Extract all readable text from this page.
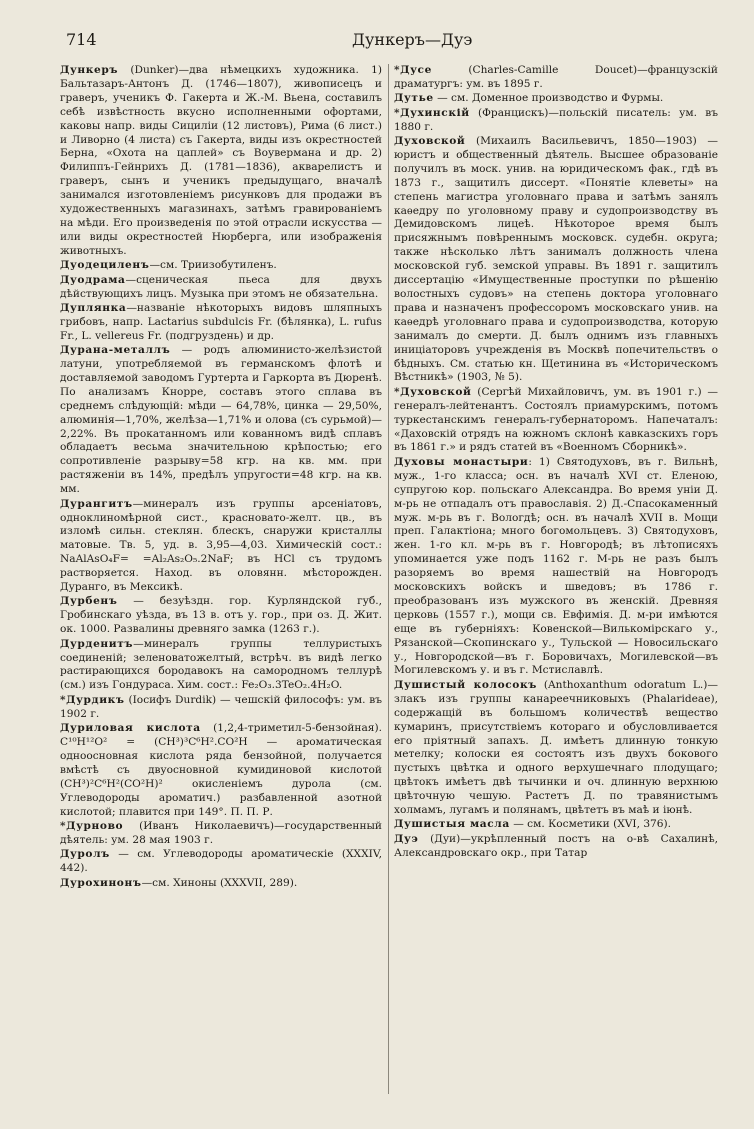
714	Дункеръ—Дуэ

Дункеръ (Dunker)—два нѣмецкихъ художника. 1) Бальтазаръ-Антонъ Д. (1746—1807), живописецъ и граверъ, ученикъ Ф. Гакерта и Ж.-М. Вьена, составилъ себѣ извѣстность вкусно исполненными офортами, каковы напр. виды Сициліи (12 листовъ), Рима (6 лист.) и Ливорно (4 листа) съ Гакерта, виды изъ окрестностей Берна, «Охота на цаплей» съ Воувермана и др. 2) Филиппъ-Гейнрихъ Д. (1781—1836), акварелистъ и граверъ, сынъ и ученикъ предыдущаго, вначалѣ занимался изготовленіемъ рисунковъ для продажи въ художественныхъ магазинахъ, затѣмъ гравированіемъ на мѣди. Его произведенія по этой отрасли искусства — или виды окрестностей Нюрберга, или изображенія животныхъ.

Дуодециленъ—см. Триизобутиленъ.

Дуодрама—сценическая пьеса для двухъ дѣйствующихъ лицъ. Музыка при этомъ не обязательна.

Дуплянка—названіе нѣкоторыхъ видовъ шляпныхъ грибовъ, напр. Lactarius subdulcis Fr. (бѣлянка), L. rufus Fr., L. vellereus Fr. (подгруздень) и др.

Дурана-металлъ — родъ алюминисто-желѣзистой латуни, употребляемой въ германскомъ флотѣ и доставляемой заводомъ Гуртерта и Гаркорта въ Дюренѣ. По анализамъ Кнорре, составъ этого сплава въ среднемъ слѣдующій: мѣди — 64,78%, цинка — 29,50%, алюминія—1,70%, желѣза—1,71% и олова (съ сурьмой)—2,22%. Въ прокатанномъ или кованномъ видѣ сплавъ обладаетъ весьма значительною крѣпостью; его сопротивленіе разрыву=58 кгр. на кв. мм. при растяженіи въ 14%, предѣлъ упругости=48 кгр. на кв. мм.

Дурангитъ—минералъ изъ группы арсеніатовъ, одноклиномѣрной сист., красновато-желт. цв., въ изломѣ сильн. стеклян. блескъ, снаружи кристаллы матовые. Тв. 5, уд. в. 3,95—4,03. Химическій сост.: NaAlAsO₄F= =Al₂As₂O₅.2NaF; въ HCl съ трудомъ растворяется. Наход. въ оловянн. мѣсторожден. Дуранго, въ Мексикѣ.

Дурбенъ — безуѣздн. гор. Курляндской губ., Гробинскаго уѣзда, въ 13 в. отъ у. гор., при оз. Д. Жит. ок. 1000. Развалины древняго замка (1263 г.).

Дурденитъ—минералъ группы теллуристыхъ соединеній; зеленоватожелтый, встрѣч. въ видѣ легко растирающихся бородавокъ на самородномъ теллурѣ (см.) изъ Гондураса. Хим. сост.: Fe₂O₃.3TeO₂.4H₂O.

*Дурдикъ (Іосифъ Durdik) — чешскій философъ: ум. въ 1902 г.

Дуриловая кислота (1,2,4-триметил-5-бензойная). C¹⁰H¹²O² = (CH³)³C⁶H².CO²H — ароматическая одноосновная кислота ряда бензойной, получается вмѣстѣ съ двуосновной кумидиновой кислотой (CH³)²C⁶H²(CO²H)² окисленіемъ дурола (см. Углеводороды ароматич.) разбавленной азотной кислотой; плавится при 149°. П. П. Р.

*Дурново (Иванъ Николаевичъ)—государственный дѣятель: ум. 28 мая 1903 г.

Дуролъ — см. Углеводороды ароматическіе (XXXIV, 442).

Дурохинонъ—см. Хиноны (XXXVII, 289).

*Дусе (Charles-Camille Doucet)—французскій драматургъ: ум. въ 1895 г.

Дутье — см. Доменное производство и Фурмы.

*Духинскій (Францискъ)—польскій писатель: ум. въ 1880 г.

Духовской (Михаилъ Васильевичъ, 1850—1903) — юристъ и общественный дѣятель. Высшее образованіе получилъ въ моск. унив. на юридическомъ фак., гдѣ въ 1873 г., защитилъ диссерт. «Понятіе клеветы» на степень магистра уголовнаго права и затѣмъ занялъ каѳедру по уголовному праву и судопроизводству въ Демидовскомъ лицеѣ. Нѣкоторое время былъ присяжнымъ повѣреннымъ московск. судебн. округа; также нѣсколько лѣтъ занималъ должность члена московской губ. земской управы. Въ 1891 г. защитилъ диссертацію «Имущественные проступки по рѣшенію волостныхъ судовъ» на степень доктора уголовнаго права и назначенъ профессоромъ московскаго унив. на каѳедрѣ уголовнаго права и судопроизводства, которую занималъ до смерти. Д. былъ однимъ изъ главныхъ иниціаторовъ учрежденія въ Москвѣ попечительствъ о бѣдныхъ. См. статью кн. Щетинина въ «Историческомъ Вѣстникѣ» (1903, № 5).

*Духовской (Сергѣй Михайловичъ, ум. въ 1901 г.) — генералъ-лейтенантъ. Состоялъ приамурскимъ, потомъ туркестанскимъ генералъ-губернаторомъ. Напечаталъ: «Даховскій отрядъ на южномъ склонѣ кавказскихъ горъ въ 1861 г.» и рядъ статей въ «Военномъ Сборникѣ».

Духовы монастыри: 1) Святодуховъ, въ г. Вильнѣ, муж., 1-го класса; осн. въ началѣ XVI ст. Еленою, супругою кор. польскаго Александра. Во время уніи Д. м-рь не отпадалъ отъ православія. 2) Д.-Спасокаменный муж. м-рь въ г. Вологдѣ; осн. въ началѣ XVII в. Мощи преп. Галактіона; много богомольцевъ. 3) Святодуховъ, жен. 1-го кл. м-рь въ г. Новгородѣ; въ лѣтописяхъ упоминается уже подъ 1162 г. М-рь не разъ былъ разоряемъ во время нашествій на Новгородъ московскихъ войскъ и шведовъ; въ 1786 г. преобразованъ изъ мужского въ женскій. Древняя церковь (1557 г.), мощи св. Евфимія. Д. м-ри имѣются еще въ губерніяхъ: Ковенской—Вилькомірскаго у., Рязанской—Скопинскаго у., Тульской — Новосильскаго у., Новгородской—въ г. Боровичахъ, Могилевской—въ Могилевскомъ у. и въ г. Мстиславлѣ.

Душистый колосокъ (Anthoxanthum odoratum L.)—злакъ изъ группы канареечниковыхъ (Phalarideae), содержащій въ большомъ количествѣ вещество кумаринъ, присутствіемъ котораго и обусловливается его пріятный запахъ. Д. имѣетъ длинную тонкую метелку; колоски ея состоятъ изъ двухъ бокового пустыхъ цвѣтка и одного верхушечнаго плодущаго; цвѣтокъ имѣетъ двѣ тычинки и оч. длинную верхнюю цвѣточную чешую. Растетъ Д. по травянистымъ холмамъ, лугамъ и полянамъ, цвѣтетъ въ маѣ и іюнѣ.

Душистыя масла — см. Косметики (XVI, 376).

Дуэ (Дуи)—укрѣпленный постъ на о-вѣ Сахалинѣ, Александровскаго окр., при Татар
